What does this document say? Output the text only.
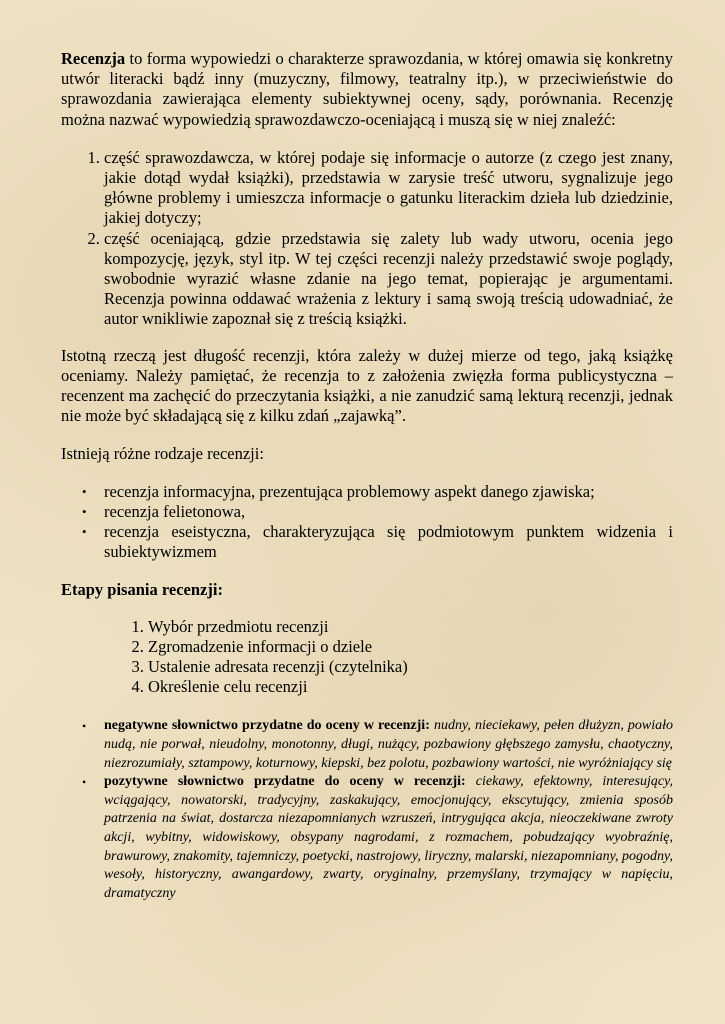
Recenzja to forma wypowiedzi o charakterze sprawozdania, w której omawia się konkretny utwór literacki bądź inny (muzyczny, filmowy, teatralny itp.), w przeciwieństwie do sprawozdania zawierająca elementy subiektywnej oceny, sądy, porównania. Recenzję można nazwać wypowiedzią sprawozdawczo-oceniającą i muszą się w niej znaleźć:

1. część sprawozdawcza, w której podaje się informacje o autorze (z czego jest znany, jakie dotąd wydał książki), przedstawia w zarysie treść utworu, sygnalizuje jego główne problemy i umieszcza informacje o gatunku literackim dzieła lub dziedzinie, jakiej dotyczy;
2. część oceniającą, gdzie przedstawia się zalety lub wady utworu, ocenia jego kompozycję, język, styl itp. W tej części recenzji należy przedstawić swoje poglądy, swobodnie wyrazić własne zdanie na jego temat, popierając je argumentami. Recenzja powinna oddawać wrażenia z lektury i samą swoją treścią udowadniać, że autor wnikliwie zapoznał się z treścią książki.

Istotną rzeczą jest długość recenzji, która zależy w dużej mierze od tego, jaką książkę oceniamy. Należy pamiętać, że recenzja to z założenia zwięzła forma publicystyczna – recenzent ma zachęcić do przeczytania książki, a nie zanudzić samą lekturą recenzji, jednak nie może być składającą się z kilku zdań „zajawką”.

Istnieją różne rodzaje recenzji:

• recenzja informacyjna, prezentująca problemowy aspekt danego zjawiska;
• recenzja felietonowa,
• recenzja eseistyczna, charakteryzująca się podmiotowym punktem widzenia i subiektywizmem
Etapy pisania recenzji:
1. Wybór przedmiotu recenzji
2. Zgromadzenie informacji o dziele
3. Ustalenie adresata recenzji (czytelnika)
4. Określenie celu recenzji
• negatywne słownictwo przydatne do oceny w recenzji: nudny, nieciekawy, pełen dłużyzn, powiało nudą, nie porwał, nieudolny, monotonny, długi, nużący, pozbawiony głębszego zamysłu, chaotyczny, niezrozumiały, sztampowy, koturnowy, kiepski, bez polotu, pozbawiony wartości, nie wyróżniający się
• pozytywne słownictwo przydatne do oceny w recenzji: ciekawy, efektowny, interesujący, wciągający, nowatorski, tradycyjny, zaskakujący, emocjonujący, ekscytujący, zmienia sposób patrzenia na świat, dostarcza niezapomnianych wzruszeń, intrygująca akcja, nieoczekiwane zwroty akcji, wybitny, widowiskowy, obsypany nagrodami, z rozmachem, pobudzający wyobraźnię, brawurowy, znakomity, tajemniczy, poetycki, nastrojowy, liryczny, malarski, niezapomniany, pogodny, wesoły, historyczny, awangardowy, zwarty, oryginalny, przemyślany, trzymający w napięciu, dramatyczny
